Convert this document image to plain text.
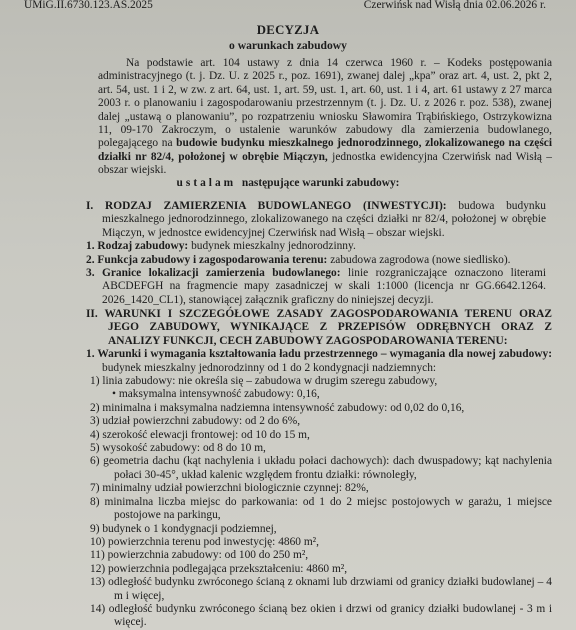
UMiG.II.6730.123.AS.2025	Czerwińsk nad Wisłą dnia 02.06.2026 r.
DECYZJA
o warunkach zabudowy
Na podstawie art. 104 ustawy z dnia 14 czerwca 1960 r. – Kodeks postępowania administracyjnego (t. j. Dz. U. z 2025 r., poz. 1691), zwanej dalej „kpa” oraz art. 4, ust. 2, pkt 2, art. 54, ust. 1 i 2, w zw. z art. 64, ust. 1, art. 59, ust. 1, art. 60, ust. 1 i 4, art. 61 ustawy z 27 marca 2003 r. o planowaniu i zagospodarowaniu przestrzennym (t. j. Dz. U. z 2026 r. poz. 538), zwanej dalej „ustawą o planowaniu”, po rozpatrzeniu wniosku Sławomira Trąbińskiego, Ostrzykowizna 11, 09-170 Zakroczym, o ustalenie warunków zabudowy dla zamierzenia budowlanego, polegającego na budowie budynku mieszkalnego jednorodzinnego, zlokalizowanego na części działki nr 82/4, położonej w obrębie Miączyn, jednostka ewidencyjna Czerwińsk nad Wisłą – obszar wiejski.
ustalam następujące warunki zabudowy:
I. RODZAJ ZAMIERZENIA BUDOWLANEGO (INWESTYCJI): budowa budynku mieszkalnego jednorodzinnego, zlokalizowanego na części działki nr 82/4, położonej w obrębie Miączyn, w jednostce ewidencyjnej Czerwińsk nad Wisłą – obszar wiejski.
1. Rodzaj zabudowy: budynek mieszkalny jednorodzinny.
2. Funkcja zabudowy i zagospodarowania terenu: zabudowa zagrodowa (nowe siedlisko).
3. Granice lokalizacji zamierzenia budowlanego: linie rozgraniczające oznaczono literami ABCDEFGH na fragmencie mapy zasadniczej w skali 1:1000 (licencja nr GG.6642.1264. 2026_1420_CL1), stanowiącej załącznik graficzny do niniejszej decyzji.
II. WARUNKI I SZCZEGÓŁOWE ZASADY ZAGOSPODAROWANIA TERENU ORAZ JEGO ZABUDOWY, WYNIKAJĄCE Z PRZEPISÓW ODRĘBNYCH ORAZ Z ANALIZY FUNKCJI, CECH ZABUDOWY ZAGOSPODAROWANIA TERENU:
1. Warunki i wymagania kształtowania ładu przestrzennego – wymagania dla nowej zabudowy: budynek mieszkalny jednorodzinny od 1 do 2 kondygnacji nadziemnych:
1) linia zabudowy: nie określa się – zabudowa w drugim szeregu zabudowy,
• maksymalna intensywność zabudowy: 0,16,
2) minimalna i maksymalna nadziemna intensywność zabudowy: od 0,02 do 0,16,
3) udział powierzchni zabudowy: od 2 do 6%,
4) szerokość elewacji frontowej: od 10 do 15 m,
5) wysokość zabudowy: od 8 do 10 m,
6) geometria dachu (kąt nachylenia i układu połaci dachowych): dach dwuspadowy; kąt nachylenia połaci 30-45°, układ kalenic względem frontu działki: równoległy,
7) minimalny udział powierzchni biologicznie czynnej: 82%,
8) minimalna liczba miejsc do parkowania: od 1 do 2 miejsc postojowych w garażu, 1 miejsce postojowe na parkingu,
9) budynek o 1 kondygnacji podziemnej,
10) powierzchnia terenu pod inwestycję: 4860 m²,
11) powierzchnia zabudowy: od 100 do 250 m²,
12) powierzchnia podlegająca przekształceniu: 4860 m²,
13) odległość budynku zwróconego ścianą z oknami lub drzwiami od granicy działki budowlanej – 4 m i więcej,
14) odległość budynku zwróconego ścianą bez okien i drzwi od granicy działki budowlanej - 3 m i więcej.
